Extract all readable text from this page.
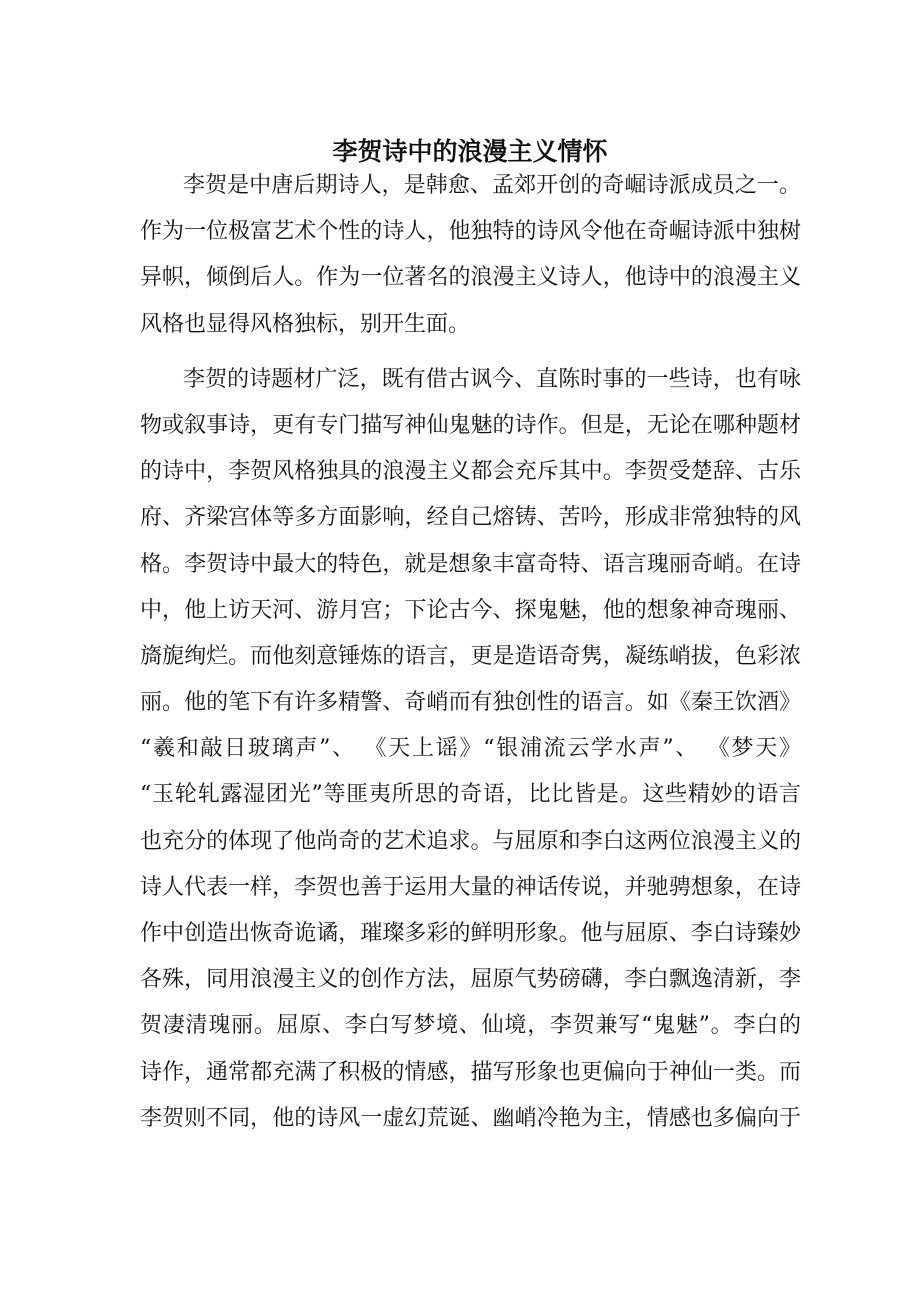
李贺诗中的浪漫主义情怀
李贺是中唐后期诗人，是韩愈、孟郊开创的奇崛诗派成员之一。
作为一位极富艺术个性的诗人，他独特的诗风令他在奇崛诗派中独树
异帜，倾倒后人。作为一位著名的浪漫主义诗人，他诗中的浪漫主义
风格也显得风格独标，别开生面。
李贺的诗题材广泛，既有借古讽今、直陈时事的一些诗，也有咏
物或叙事诗，更有专门描写神仙鬼魅的诗作。但是，无论在哪种题材
的诗中，李贺风格独具的浪漫主义都会充斥其中。李贺受楚辞、古乐
府、齐梁宫体等多方面影响，经自己熔铸、苦吟，形成非常独特的风
格。李贺诗中最大的特色，就是想象丰富奇特、语言瑰丽奇峭。在诗
中，他上访天河、游月宫；下论古今、探鬼魅，他的想象神奇瑰丽、
旖旎绚烂。而他刻意锤炼的语言，更是造语奇隽，凝练峭拔，色彩浓
丽。他的笔下有许多精警、奇峭而有独创性的语言。如《秦王饮酒》
“羲和敲日玻璃声”、 《天上谣》“银浦流云学水声”、 《梦天》
“玉轮轧露湿团光”等匪夷所思的奇语，比比皆是。这些精妙的语言
也充分的体现了他尚奇的艺术追求。与屈原和李白这两位浪漫主义的
诗人代表一样，李贺也善于运用大量的神话传说，并驰骋想象，在诗
作中创造出恢奇诡谲，璀璨多彩的鲜明形象。他与屈原、李白诗臻妙
各殊，同用浪漫主义的创作方法，屈原气势磅礴，李白飘逸清新，李
贺凄清瑰丽。屈原、李白写梦境、仙境，李贺兼写“鬼魅”。李白的
诗作，通常都充满了积极的情感，描写形象也更偏向于神仙一类。而
李贺则不同，他的诗风一虚幻荒诞、幽峭冷艳为主，情感也多偏向于
